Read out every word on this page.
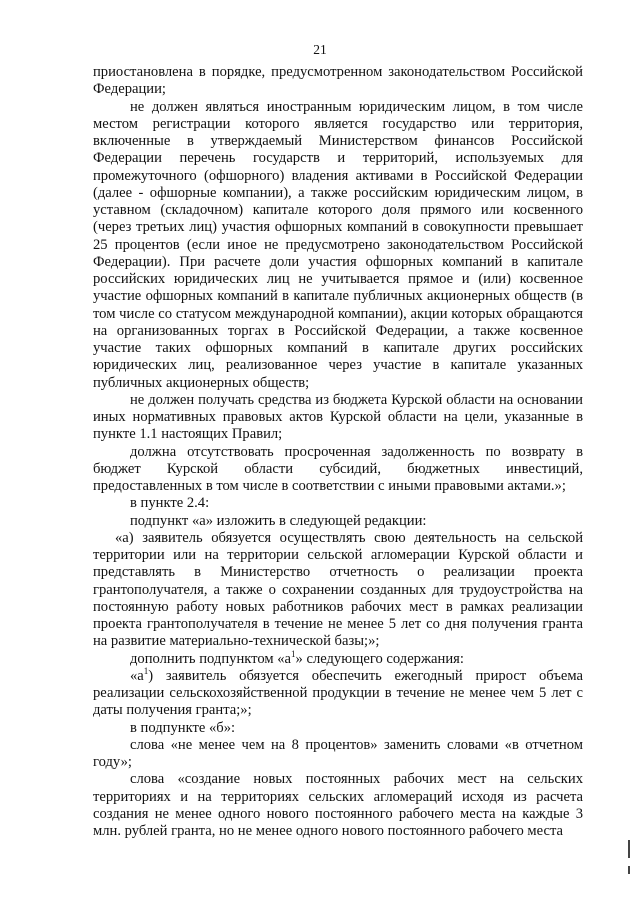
21

приостановлена в порядке, предусмотренном законодательством Российской Федерации;

не должен являться иностранным юридическим лицом, в том числе местом регистрации которого является государство или территория, включенные в утверждаемый Министерством финансов Российской Федерации перечень государств и территорий, используемых для промежуточного (офшорного) владения активами в Российской Федерации (далее - офшорные компании), а также российским юридическим лицом, в уставном (складочном) капитале которого доля прямого или косвенного (через третьих лиц) участия офшорных компаний в совокупности превышает 25 процентов (если иное не предусмотрено законодательством Российской Федерации). При расчете доли участия офшорных компаний в капитале российских юридических лиц не учитывается прямое и (или) косвенное участие офшорных компаний в капитале публичных акционерных обществ (в том числе со статусом международной компании), акции которых обращаются на организованных торгах в Российской Федерации, а также косвенное участие таких офшорных компаний в капитале других российских юридических лиц, реализованное через участие в капитале указанных публичных акционерных обществ;

не должен получать средства из бюджета Курской области на основании иных нормативных правовых актов Курской области на цели, указанные в пункте 1.1 настоящих Правил;

должна отсутствовать просроченная задолженность по возврату в бюджет Курской области субсидий, бюджетных инвестиций, предоставленных в том числе в соответствии с иными правовыми актами.»;

в пункте 2.4:

подпункт «а» изложить в следующей редакции:

«а) заявитель обязуется осуществлять свою деятельность на сельской территории или на территории сельской агломерации Курской области и представлять в Министерство отчетность о реализации проекта грантополучателя, а также о сохранении созданных для трудоустройства на постоянную работу новых работников рабочих мест в рамках реализации проекта грантополучателя в течение не менее 5 лет со дня получения гранта на развитие материально-технической базы;»;

дополнить подпунктом «$а^1$» следующего содержания:

«$а^1$) заявитель обязуется обеспечить ежегодный прирост объема реализации сельскохозяйственной продукции в течение не менее чем 5 лет с даты получения гранта;»;

в подпункте «б»:

слова «не менее чем на 8 процентов» заменить словами «в отчетном году»;

слова «создание новых постоянных рабочих мест на сельских территориях и на территориях сельских агломераций исходя из расчета создания не менее одного нового постоянного рабочего места на каждые 3 млн. рублей гранта, но не менее одного нового постоянного рабочего места
